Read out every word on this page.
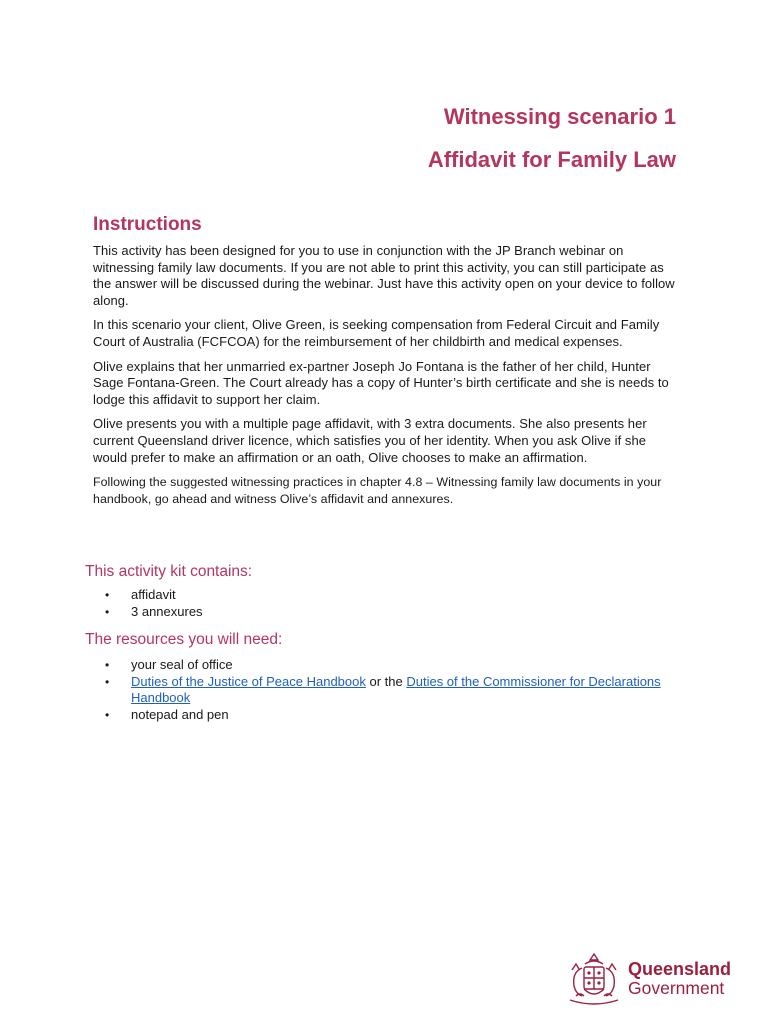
Witnessing scenario 1
Affidavit for Family Law
Instructions

This activity has been designed for you to use in conjunction with the JP Branch webinar on witnessing family law documents. If you are not able to print this activity, you can still participate as the answer will be discussed during the webinar. Just have this activity open on your device to follow along.

In this scenario your client, Olive Green, is seeking compensation from Federal Circuit and Family Court of Australia (FCFCOA) for the reimbursement of her childbirth and medical expenses.

Olive explains that her unmarried ex-partner Joseph Jo Fontana is the father of her child, Hunter Sage Fontana-Green. The Court already has a copy of Hunter’s birth certificate and she is needs to lodge this affidavit to support her claim.

Olive presents you with a multiple page affidavit, with 3 extra documents. She also presents her current Queensland driver licence, which satisfies you of her identity. When you ask Olive if she would prefer to make an affirmation or an oath, Olive chooses to make an affirmation.

Following the suggested witnessing practices in chapter 4.8 – Witnessing family law documents in your handbook, go ahead and witness Olive’s affidavit and annexures.

This activity kit contains:
• affidavit
• 3 annexures
The resources you will need:
• your seal of office
• Duties of the Justice of Peace Handbook or the Duties of the Commissioner for Declarations Handbook
• notepad and pen
Queensland
Government
